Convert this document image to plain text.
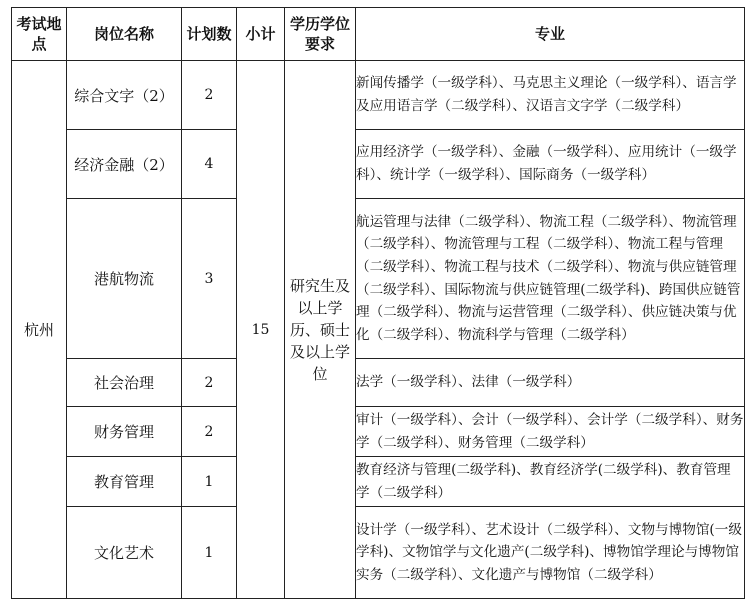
考试地点	岗位名称	计划数	小计	学历学位要求	专业
杭州	综合文字（2）	2	15	研究生及以上学历、硕士及以上学位	新闻传播学（一级学科）、马克思主义理论（一级学科）、语言学及应用语言学（二级学科）、汉语言文字学（二级学科）
	经济金融（2）	4			应用经济学（一级学科）、金融（一级学科）、应用统计（一级学科）、统计学（一级学科）、国际商务（一级学科）
	港航物流	3			航运管理与法律（二级学科）、物流工程（二级学科）、物流管理（二级学科）、物流管理与工程（二级学科）、物流工程与管理（二级学科）、物流工程与技术（二级学科）、物流与供应链管理（二级学科）、国际物流与供应链管理(二级学科)、跨国供应链管理（二级学科）、物流与运营管理（二级学科）、供应链决策与优化（二级学科）、物流科学与管理（二级学科）
	社会治理	2			法学（一级学科）、法律（一级学科）
	财务管理	2			审计（一级学科）、会计（一级学科）、会计学（二级学科）、财务学（二级学科）、财务管理（二级学科）
	教育管理	1			教育经济与管理(二级学科)、教育经济学(二级学科)、教育管理学（二级学科）
	文化艺术	1			设计学（一级学科）、艺术设计（二级学科）、文物与博物馆(一级学科)、文物馆学与文化遗产(二级学科)、博物馆学理论与博物馆实务（二级学科）、文化遗产与博物馆（二级学科）
